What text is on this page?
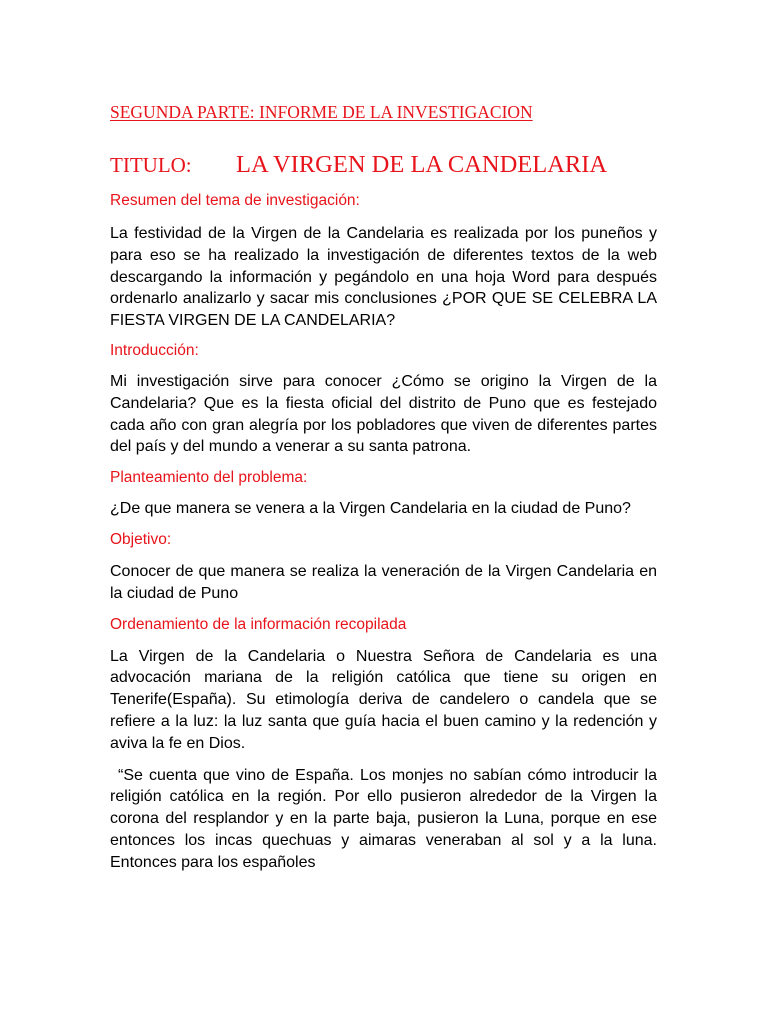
SEGUNDA PARTE: INFORME DE LA INVESTIGACION

TITULO: LA VIRGEN DE LA CANDELARIA

Resumen del tema de investigación:

La festividad de la Virgen de la Candelaria es realizada por los puneños y para eso se ha realizado la investigación de diferentes textos de la web descargando la información y pegándolo en una hoja Word para después ordenarlo analizarlo y sacar mis conclusiones ¿POR QUE SE CELEBRA LA FIESTA VIRGEN DE LA CANDELARIA?

Introducción:

Mi investigación sirve para conocer ¿Cómo se origino la Virgen de la Candelaria? Que es la fiesta oficial del distrito de Puno que es festejado cada año con gran alegría por los pobladores que viven de diferentes partes del país y del mundo a venerar a su santa patrona.

Planteamiento del problema:

¿De que manera se venera a la Virgen Candelaria en la ciudad de Puno?

Objetivo:

Conocer de que manera se realiza la veneración de la Virgen Candelaria en la ciudad de Puno

Ordenamiento de la información recopilada

La Virgen de la Candelaria o Nuestra Señora de Candelaria es una advocación mariana de la religión católica que tiene su origen en Tenerife(España). Su etimología deriva de candelero o candela que se refiere a la luz: la luz santa que guía hacia el buen camino y la redención y aviva la fe en Dios.

“Se cuenta que vino de España. Los monjes no sabían cómo introducir la religión católica en la región. Por ello pusieron alrededor de la Virgen la corona del resplandor y en la parte baja, pusieron la Luna, porque en ese entonces los incas quechuas y aimaras veneraban al sol y a la luna. Entonces para los españoles
